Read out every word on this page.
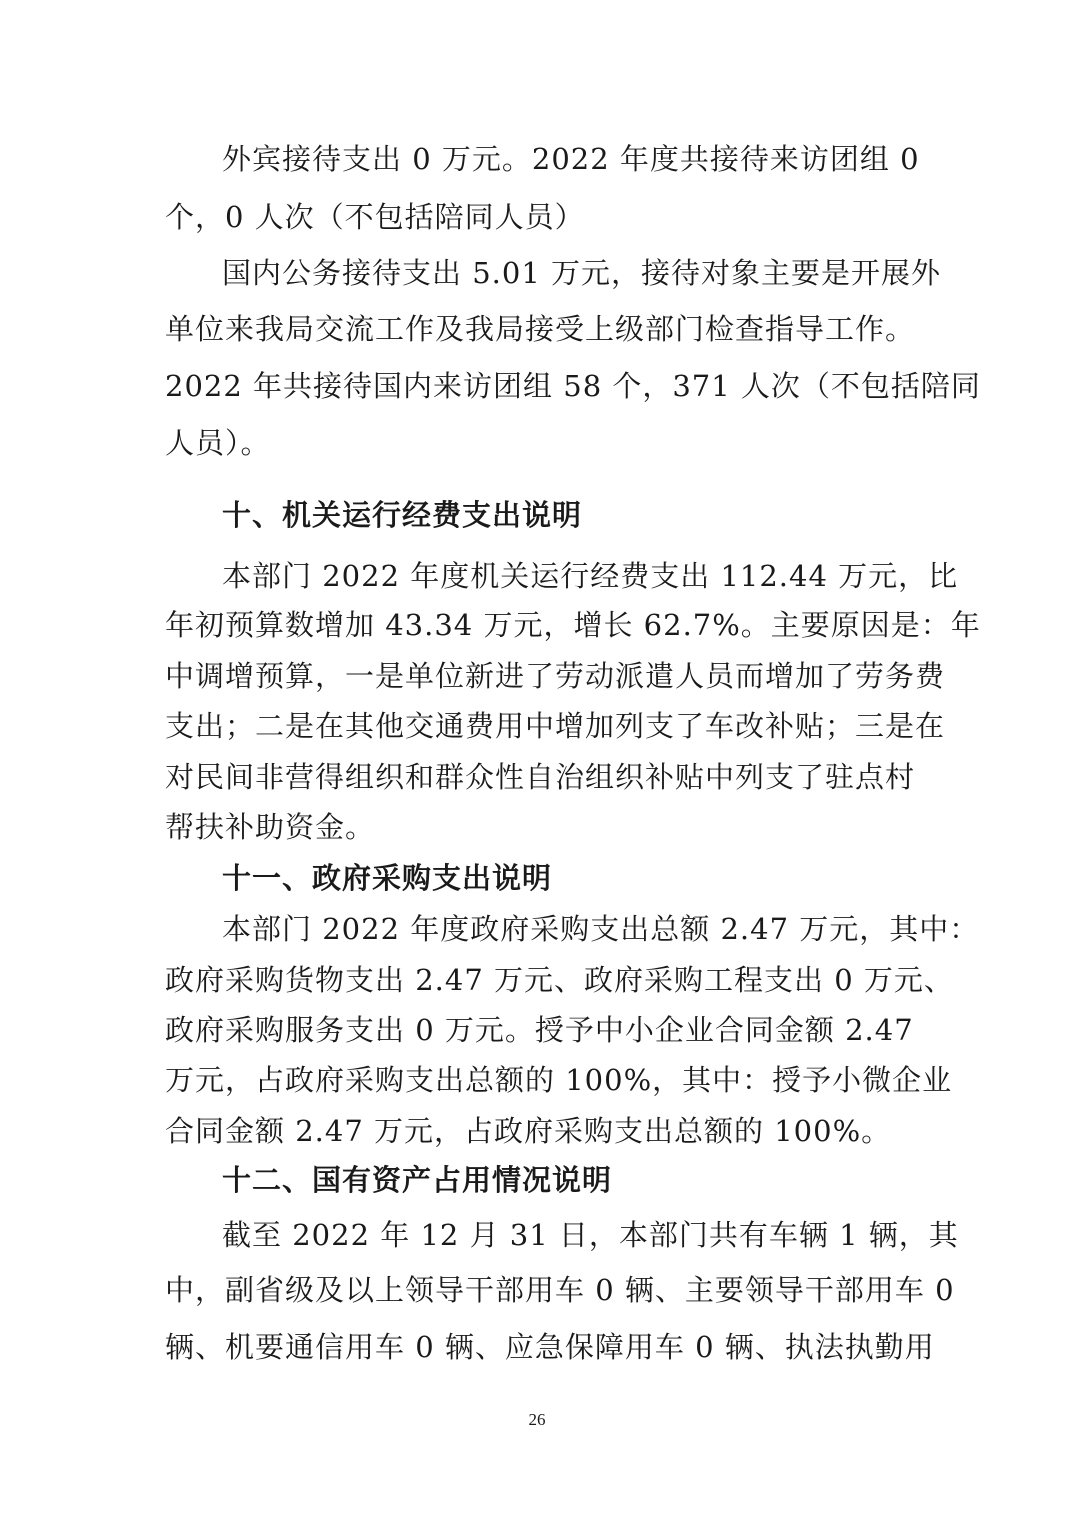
外宾接待支出 0 万元。2022 年度共接待来访团组 0
个，0 人次（不包括陪同人员）
国内公务接待支出 5.01 万元，接待对象主要是开展外
单位来我局交流工作及我局接受上级部门检查指导工作。
2022 年共接待国内来访团组 58 个，371 人次（不包括陪同
人员）。
十、机关运行经费支出说明
本部门 2022 年度机关运行经费支出 112.44 万元，比
年初预算数增加 43.34 万元，增长 62.7%。主要原因是：年
中调增预算，一是单位新进了劳动派遣人员而增加了劳务费
支出；二是在其他交通费用中增加列支了车改补贴；三是在
对民间非营得组织和群众性自治组织补贴中列支了驻点村
帮扶补助资金。
十一、政府采购支出说明
本部门 2022 年度政府采购支出总额 2.47 万元，其中：
政府采购货物支出 2.47 万元、政府采购工程支出 0 万元、
政府采购服务支出 0 万元。授予中小企业合同金额 2.47
万元，占政府采购支出总额的 100%，其中：授予小微企业
合同金额 2.47 万元，占政府采购支出总额的 100%。
十二、国有资产占用情况说明
截至 2022 年 12 月 31 日，本部门共有车辆 1 辆，其
中，副省级及以上领导干部用车 0 辆、主要领导干部用车 0
辆、机要通信用车 0 辆、应急保障用车 0 辆、执法执勤用
26
